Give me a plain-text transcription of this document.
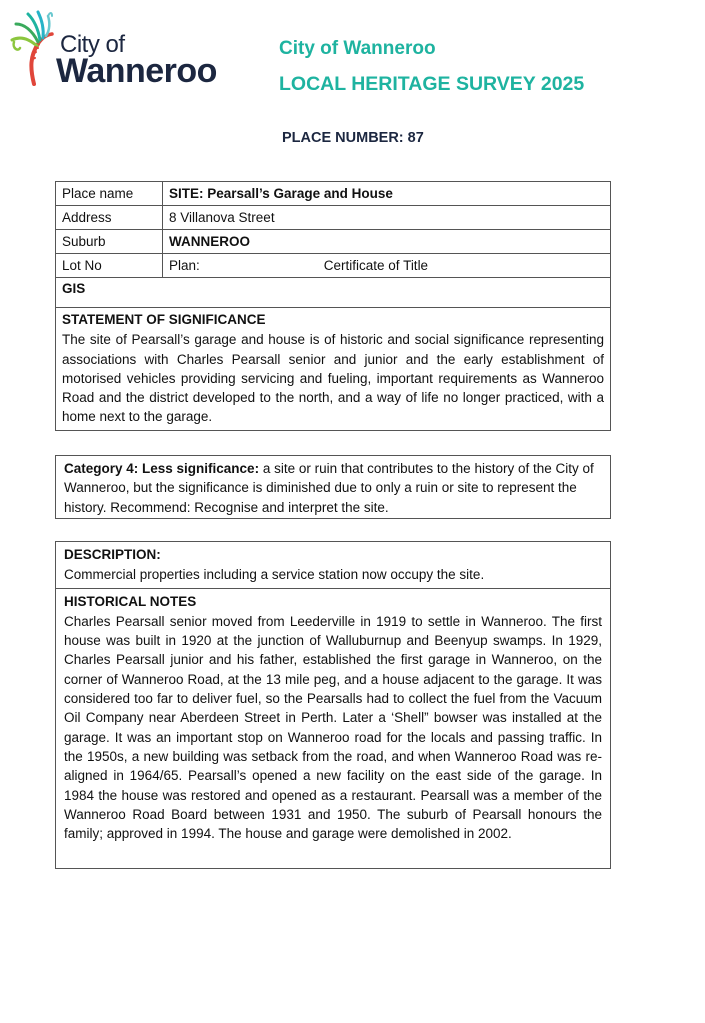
City of
Wanneroo
City of Wanneroo
LOCAL HERITAGE SURVEY 2025
PLACE NUMBER: 87
Place name	SITE: Pearsall’s Garage and House
Address	8 Villanova Street
Suburb	WANNEROO
Lot No	Plan: Certificate of Title
GIS	
STATEMENT OF SIGNIFICANCE
The site of Pearsall’s garage and house is of historic and social significance representing associations with Charles Pearsall senior and junior and the early establishment of motorised vehicles providing servicing and fueling, important requirements as Wanneroo Road and the district developed to the north, and a way of life no longer practiced, with a home next to the garage.
Category 4: Less significance: a site or ruin that contributes to the history of the City of Wanneroo, but the significance is diminished due to only a ruin or site to represent the history. Recommend: Recognise and interpret the site.
DESCRIPTION:
Commercial properties including a service station now occupy the site.
HISTORICAL NOTES
Charles Pearsall senior moved from Leederville in 1919 to settle in Wanneroo. The first house was built in 1920 at the junction of Walluburnup and Beenyup swamps. In 1929, Charles Pearsall junior and his father, established the first garage in Wanneroo, on the corner of Wanneroo Road, at the 13 mile peg, and a house adjacent to the garage. It was considered too far to deliver fuel, so the Pearsalls had to collect the fuel from the Vacuum Oil Company near Aberdeen Street in Perth. Later a ‘Shell” bowser was installed at the garage. It was an important stop on Wanneroo road for the locals and passing traffic. In the 1950s, a new building was setback from the road, and when Wanneroo Road was re-aligned in 1964/65. Pearsall’s opened a new facility on the east side of the garage. In 1984 the house was restored and opened as a restaurant. Pearsall was a member of the Wanneroo Road Board between 1931 and 1950. The suburb of Pearsall honours the family; approved in 1994. The house and garage were demolished in 2002.
